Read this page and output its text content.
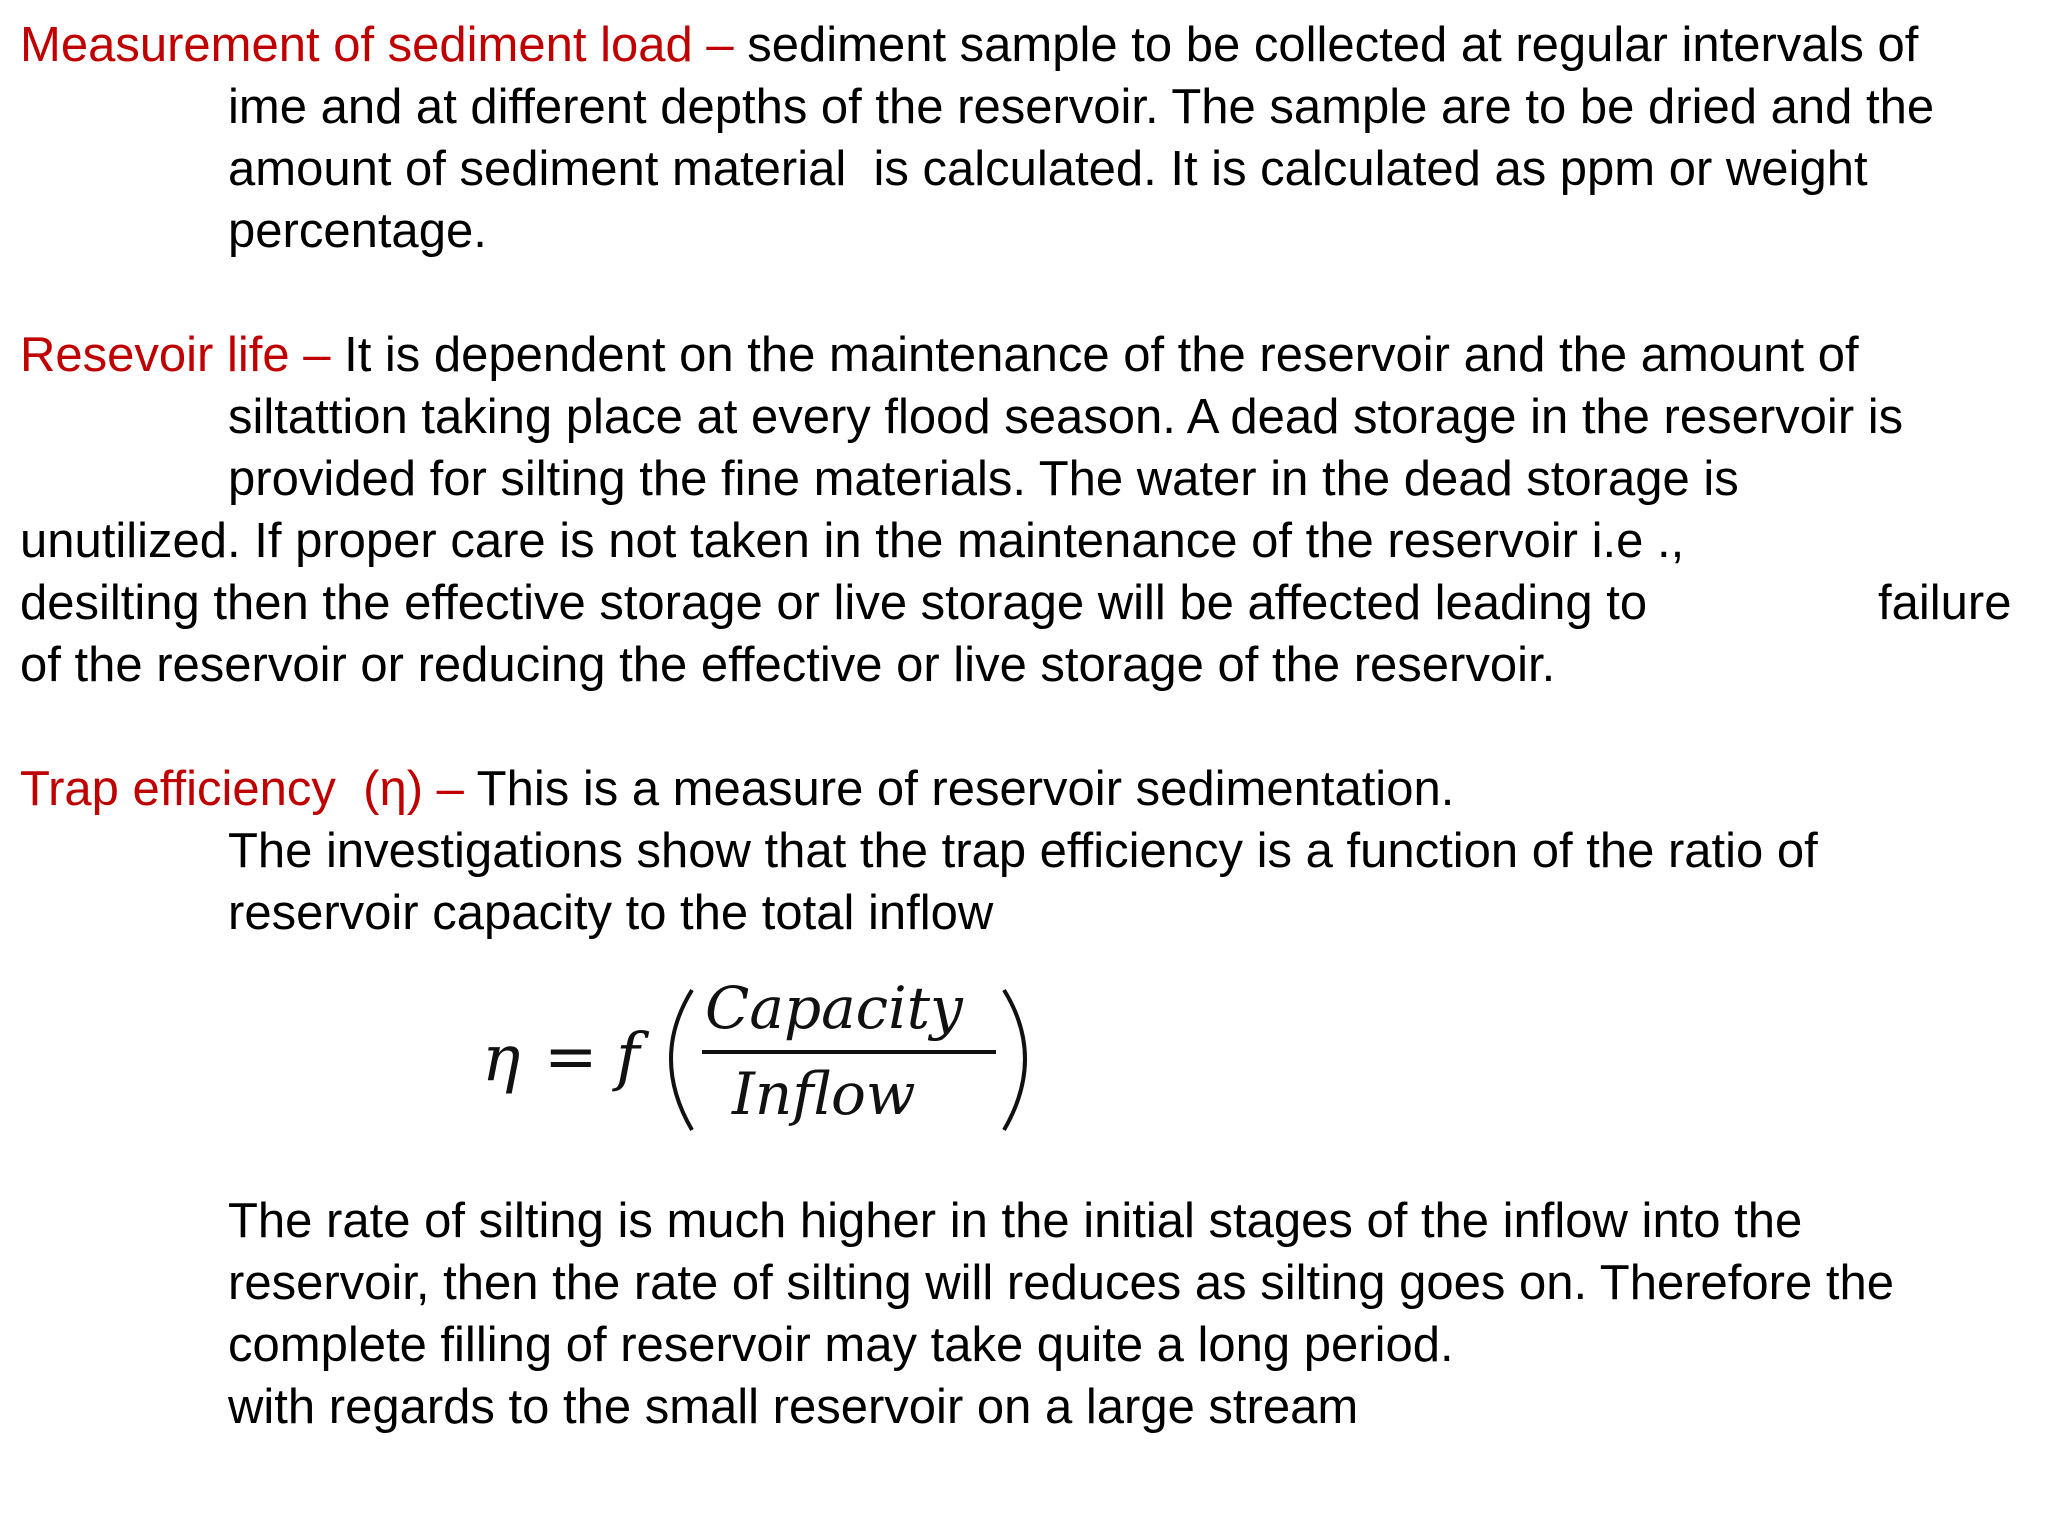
Measurement of sediment load – sediment sample to be collected at regular intervals of
ime and at different depths of the reservoir. The sample are to be dried and the
amount of sediment material  is calculated. It is calculated as ppm or weight
percentage.
Resevoir life – It is dependent on the maintenance of the reservoir and the amount of
siltattion taking place at every flood season. A dead storage in the reservoir is
provided for silting the fine materials. The water in the dead storage is
unutilized. If proper care is not taken in the maintenance of the reservoir i.e .,
desilting then the effective storage or live storage will be affected leading to	failure
of the reservoir or reducing the effective or live storage of the reservoir.
Trap efficiency  (η) – This is a measure of reservoir sedimentation.
The investigations show that the trap efficiency is a function of the ratio of
reservoir capacity to the total inflow
η = f
Capacity
Inflow
The rate of silting is much higher in the initial stages of the inflow into the
reservoir, then the rate of silting will reduces as silting goes on. Therefore the
complete filling of reservoir may take quite a long period.
with regards to the small reservoir on a large stream
